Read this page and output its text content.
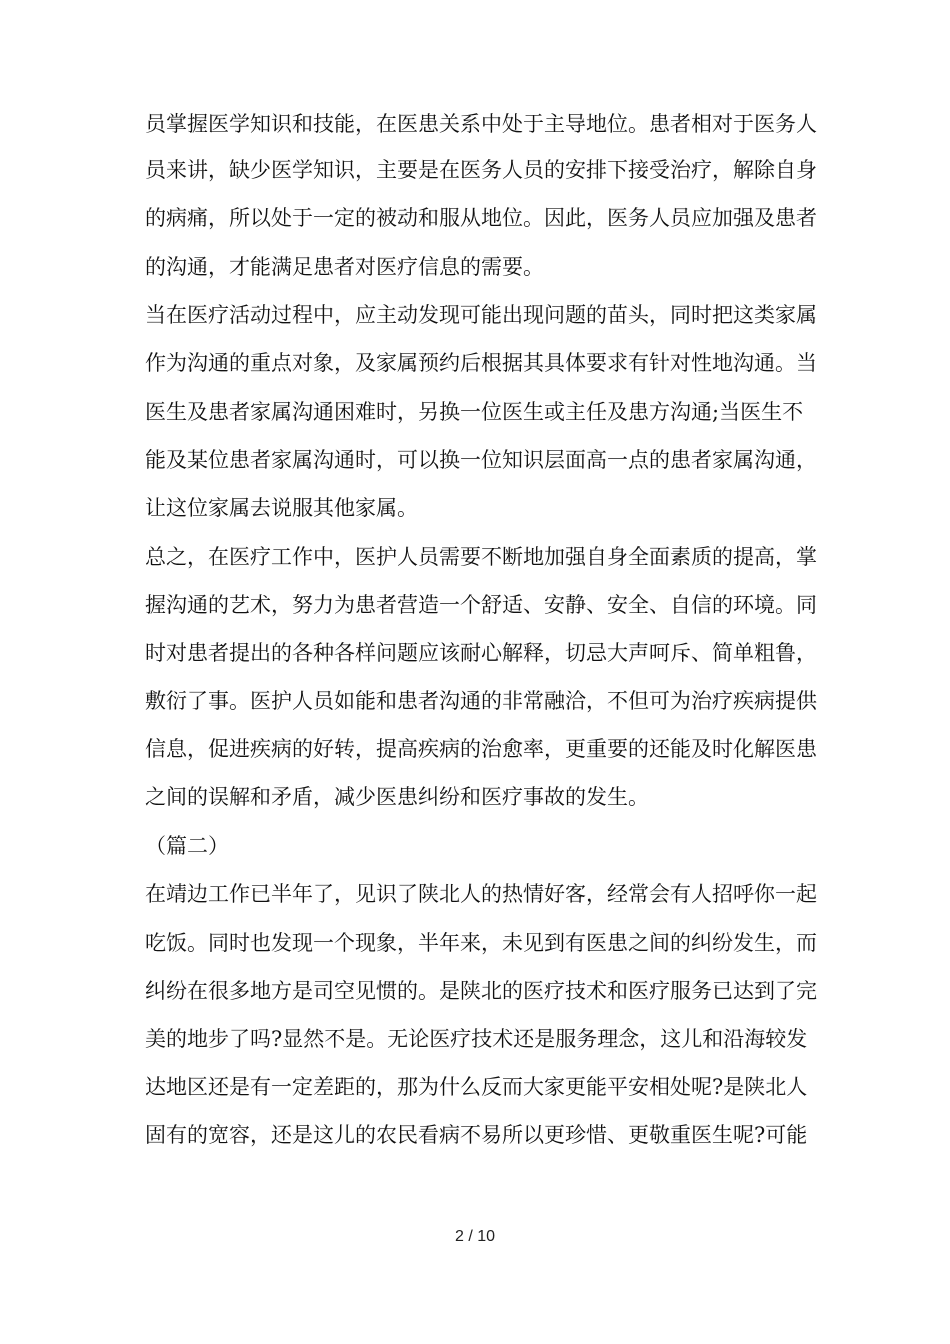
员掌握医学知识和技能，在医患关系中处于主导地位。患者相对于医务人
员来讲，缺少医学知识，主要是在医务人员的安排下接受治疗，解除自身
的病痛，所以处于一定的被动和服从地位。因此，医务人员应加强及患者
的沟通，才能满足患者对医疗信息的需要。
当在医疗活动过程中，应主动发现可能出现问题的苗头，同时把这类家属
作为沟通的重点对象，及家属预约后根据其具体要求有针对性地沟通。当
医生及患者家属沟通困难时，另换一位医生或主任及患方沟通;当医生不
能及某位患者家属沟通时，可以换一位知识层面高一点的患者家属沟通，
让这位家属去说服其他家属。
总之，在医疗工作中，医护人员需要不断地加强自身全面素质的提高，掌
握沟通的艺术，努力为患者营造一个舒适、安静、安全、自信的环境。同
时对患者提出的各种各样问题应该耐心解释，切忌大声呵斥、简单粗鲁，
敷衍了事。医护人员如能和患者沟通的非常融洽，不但可为治疗疾病提供
信息，促进疾病的好转，提高疾病的治愈率，更重要的还能及时化解医患
之间的误解和矛盾，减少医患纠纷和医疗事故的发生。
（篇二）
在靖边工作已半年了，见识了陕北人的热情好客，经常会有人招呼你一起
吃饭。同时也发现一个现象，半年来，未见到有医患之间的纠纷发生，而
纠纷在很多地方是司空见惯的。是陕北的医疗技术和医疗服务已达到了完
美的地步了吗?显然不是。无论医疗技术还是服务理念，这儿和沿海较发
达地区还是有一定差距的，那为什么反而大家更能平安相处呢?是陕北人
固有的宽容，还是这儿的农民看病不易所以更珍惜、更敬重医生呢?可能
2 / 10
